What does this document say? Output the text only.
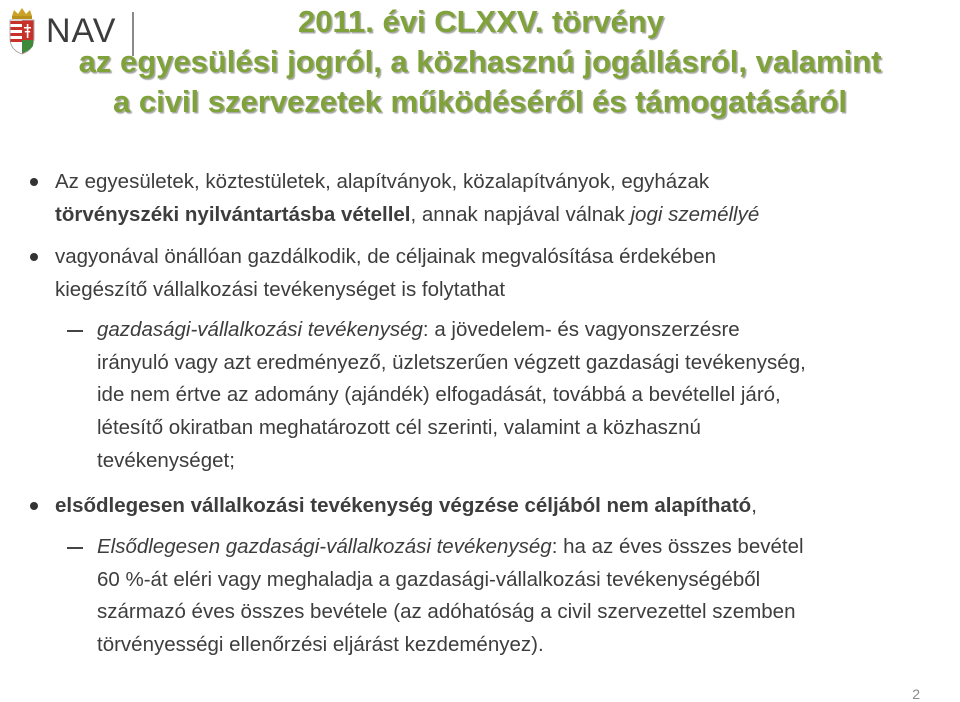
NAV	2011. évi CLXXV. törvény
az egyesülési jogról, a közhasznú jogállásról, valamint
a civil szervezetek működéséről és támogatásáról
Az egyesületek, köztestületek, alapítványok, közalapítványok, egyházak
törvényszéki nyilvántartásba vétellel, annak napjával válnak jogi személlyé
vagyonával önállóan gazdálkodik, de céljainak megvalósítása érdekében
kiegészítő vállalkozási tevékenységet is folytathat
gazdasági-vállalkozási tevékenység: a jövedelem- és vagyonszerzésre
irányuló vagy azt eredményező, üzletszerűen végzett gazdasági tevékenység,
ide nem értve az adomány (ajándék) elfogadását, továbbá a bevétellel járó,
létesítő okiratban meghatározott cél szerinti, valamint a közhasznú
tevékenységet;
elsődlegesen vállalkozási tevékenység végzése céljából nem alapítható,
Elsődlegesen gazdasági-vállalkozási tevékenység: ha az éves összes bevétel
60 %-át eléri vagy meghaladja a gazdasági-vállalkozási tevékenységéből
származó éves összes bevétele (az adóhatóság a civil szervezettel szemben
törvényességi ellenőrzési eljárást kezdeményez).
2
